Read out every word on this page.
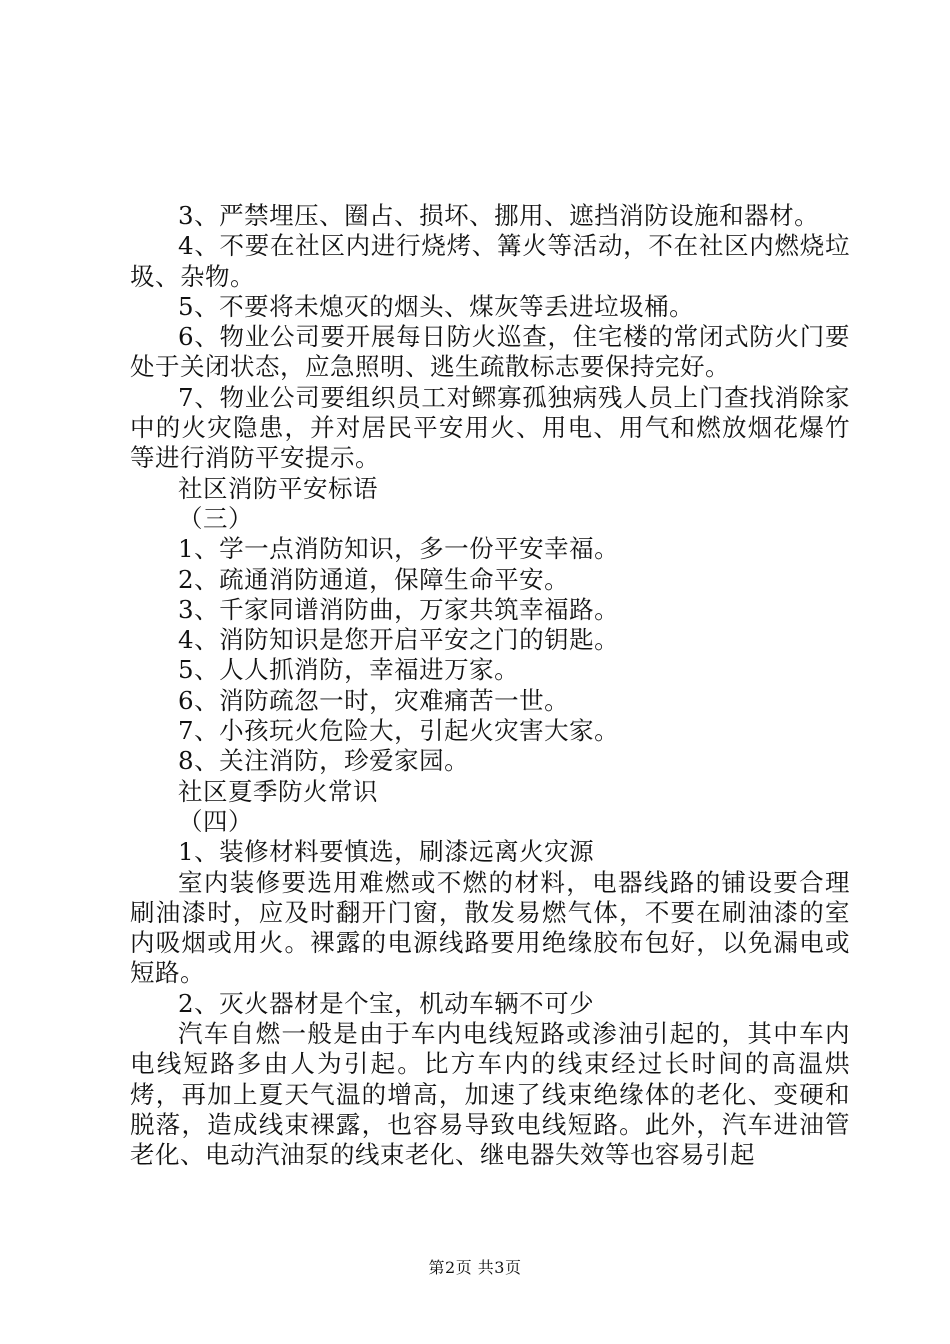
3、严禁埋压、圈占、损坏、挪用、遮挡消防设施和器材。

4、不要在社区内进行烧烤、篝火等活动，不在社区内燃烧垃圾、杂物。

5、不要将未熄灭的烟头、煤灰等丢进垃圾桶。

6、物业公司要开展每日防火巡查，住宅楼的常闭式防火门要处于关闭状态，应急照明、逃生疏散标志要保持完好。

7、物业公司要组织员工对鳏寡孤独病残人员上门查找消除家中的火灾隐患，并对居民平安用火、用电、用气和燃放烟花爆竹等进行消防平安提示。

社区消防平安标语

（三）

1、学一点消防知识，多一份平安幸福。

2、疏通消防通道，保障生命平安。

3、千家同谱消防曲，万家共筑幸福路。

4、消防知识是您开启平安之门的钥匙。

5、人人抓消防，幸福进万家。

6、消防疏忽一时，灾难痛苦一世。

7、小孩玩火危险大，引起火灾害大家。

8、关注消防，珍爱家园。

社区夏季防火常识

（四）

1、装修材料要慎选，刷漆远离火灾源

室内装修要选用难燃或不燃的材料，电器线路的铺设要合理刷油漆时，应及时翻开门窗，散发易燃气体，不要在刷油漆的室内吸烟或用火。裸露的电源线路要用绝缘胶布包好，以免漏电或短路。

2、灭火器材是个宝，机动车辆不可少

汽车自燃一般是由于车内电线短路或渗油引起的，其中车内电线短路多由人为引起。比方车内的线束经过长时间的高温烘烤，再加上夏天气温的增高，加速了线束绝缘体的老化、变硬和脱落，造成线束裸露，也容易导致电线短路。此外，汽车进油管老化、电动汽油泵的线束老化、继电器失效等也容易引起

第2页 共3页
